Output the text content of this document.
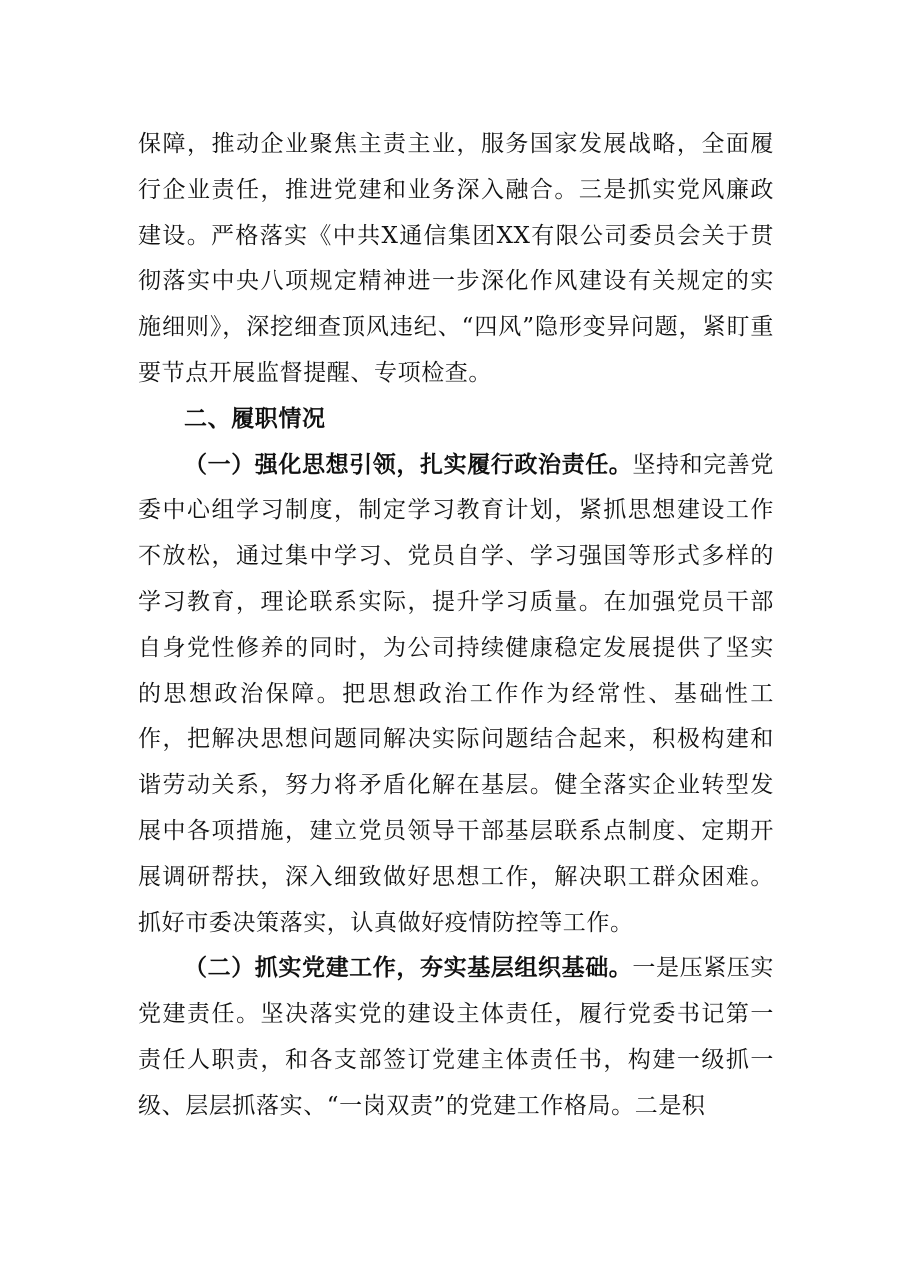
保障，推动企业聚焦主责主业，服务国家发展战略，全面履行企业责任，推进党建和业务深入融合。三是抓实党风廉政建设。严格落实《中共X通信集团XX有限公司委员会关于贯彻落实中央八项规定精神进一步深化作风建设有关规定的实施细则》，深挖细查顶风违纪、“四风”隐形变异问题，紧盯重要节点开展监督提醒、专项检查。

二、履职情况

（一）强化思想引领，扎实履行政治责任。坚持和完善党委中心组学习制度，制定学习教育计划，紧抓思想建设工作不放松，通过集中学习、党员自学、学习强国等形式多样的学习教育，理论联系实际，提升学习质量。在加强党员干部自身党性修养的同时，为公司持续健康稳定发展提供了坚实的思想政治保障。把思想政治工作作为经常性、基础性工作，把解决思想问题同解决实际问题结合起来，积极构建和谐劳动关系，努力将矛盾化解在基层。健全落实企业转型发展中各项措施，建立党员领导干部基层联系点制度、定期开展调研帮扶，深入细致做好思想工作，解决职工群众困难。抓好市委决策落实，认真做好疫情防控等工作。

（二）抓实党建工作，夯实基层组织基础。一是压紧压实党建责任。坚决落实党的建设主体责任，履行党委书记第一责任人职责，和各支部签订党建主体责任书，构建一级抓一级、层层抓落实、“一岗双责”的党建工作格局。二是积
